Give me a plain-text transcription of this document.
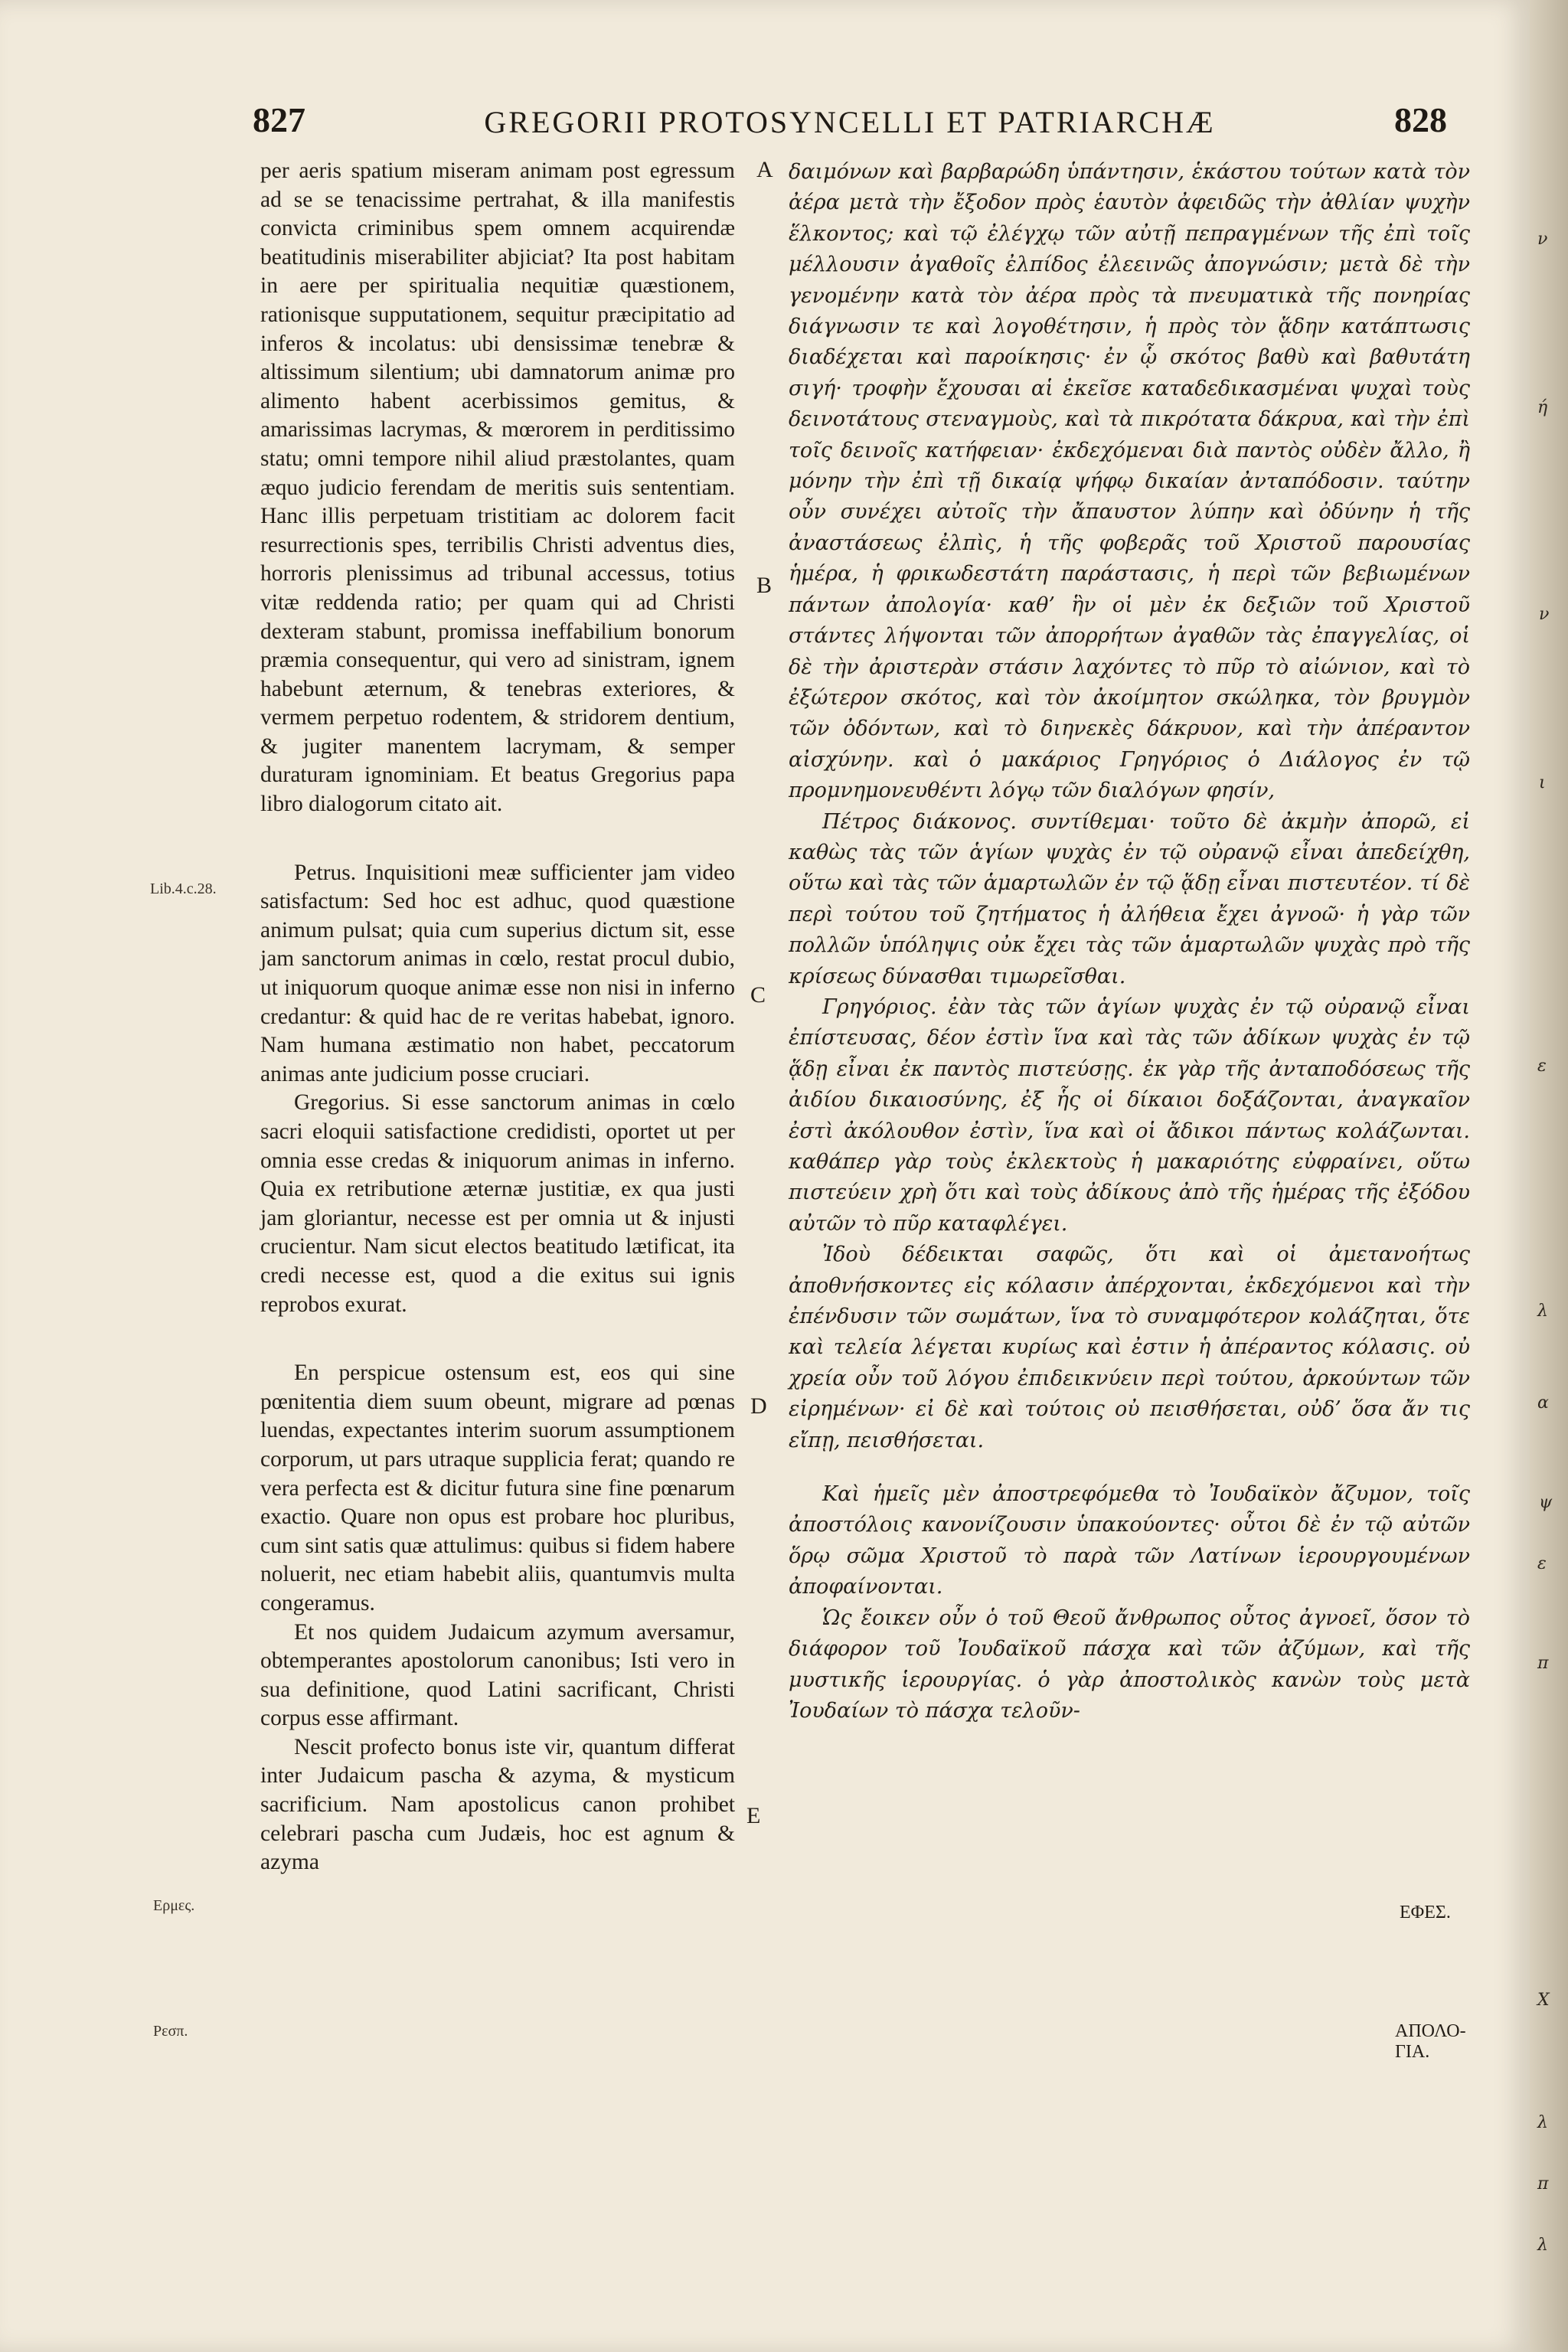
827	GREGORII PROTOSYNCELLI ET PATRIARCHÆ	828
A
B
C
D
E
Lib.4.c.28.
Ερμες.
Ρεσπ.
ΕΦΕΣ.
ΑΠΟΛΟ-ΓΙΑ.

per aeris spatium miseram animam post egressum ad se se tenacissime pertrahat, & illa manifestis convicta criminibus spem omnem acquirendæ beatitudinis miserabiliter abjiciat? Ita post habitam in aere per spiritualia nequitiæ quæstionem, rationisque supputationem, sequitur præcipitatio ad inferos & incolatus: ubi densissimæ tenebræ & altissimum silentium; ubi damnatorum animæ pro alimento habent acerbissimos gemitus, & amarissimas lacrymas, & mœrorem in perditissimo statu; omni tempore nihil aliud præstolantes, quam æquo judicio ferendam de meritis suis sententiam. Hanc illis perpetuam tristitiam ac dolorem facit resurrectionis spes, terribilis Christi adventus dies, horroris plenissimus ad tribunal accessus, totius vitæ reddenda ratio; per quam qui ad Christi dexteram stabunt, promissa ineffabilium bonorum præmia consequentur, qui vero ad sinistram, ignem habebunt æternum, & tenebras exteriores, & vermem perpetuo rodentem, & stridorem dentium, & jugiter manentem lacrymam, & semper duraturam ignominiam. Et beatus Gregorius papa libro dialogorum citato ait.

Petrus. Inquisitioni meæ sufficienter jam video satisfactum: Sed hoc est adhuc, quod quæstione animum pulsat; quia cum superius dictum sit, esse jam sanctorum animas in cœlo, restat procul dubio, ut iniquorum quoque animæ esse non nisi in inferno credantur: & quid hac de re veritas habebat, ignoro. Nam humana æstimatio non habet, peccatorum animas ante judicium posse cruciari.

Gregorius. Si esse sanctorum animas in cœlo sacri eloquii satisfactione credidisti, oportet ut per omnia esse credas & iniquorum animas in inferno. Quia ex retributione æternæ justitiæ, ex qua justi jam gloriantur, necesse est per omnia ut & injusti crucientur. Nam sicut electos beatitudo lætificat, ita credi necesse est, quod a die exitus sui ignis reprobos exurat.

En perspicue ostensum est, eos qui sine pœnitentia diem suum obeunt, migrare ad pœnas luendas, expectantes interim suorum assumptionem corporum, ut pars utraque supplicia ferat; quando re vera perfecta est & dicitur futura sine fine pœnarum exactio. Quare non opus est probare hoc pluribus, cum sint satis quæ attulimus: quibus si fidem habere noluerit, nec etiam habebit aliis, quantumvis multa congeramus.

Et nos quidem Judaicum azymum aversamur, obtemperantes apostolorum canonibus; Isti vero in sua definitione, quod Latini sacrificant, Christi corpus esse affirmant.

Nescit profecto bonus iste vir, quantum differat inter Judaicum pascha & azyma, & mysticum sacrificium. Nam apostolicus canon prohibet celebrari pascha cum Judæis, hoc est agnum & azyma

δαιμόνων καὶ βαρβαρώδη ὑπάντησιν, ἑκάστου τούτων κατὰ τὸν ἀέρα μετὰ τὴν ἔξοδον πρὸς ἑαυτὸν ἀφειδῶς τὴν ἀθλίαν ψυχὴν ἕλκοντος; καὶ τῷ ἐλέγχῳ τῶν αὐτῇ πεπραγμένων τῆς ἐπὶ τοῖς μέλλουσιν ἀγαθοῖς ἐλπίδος ἐλεεινῶς ἀπογνώσιν; μετὰ δὲ τὴν γενομένην κατὰ τὸν ἀέρα πρὸς τὰ πνευματικὰ τῆς πονηρίας διάγνωσιν τε καὶ λογοθέτησιν, ἡ πρὸς τὸν ᾅδην κατάπτωσις διαδέχεται καὶ παροίκησις· ἐν ᾧ σκότος βαθὺ καὶ βαθυτάτη σιγή· τροφὴν ἔχουσαι αἱ ἐκεῖσε καταδεδικασμέναι ψυχαὶ τοὺς δεινοτάτους στεναγμοὺς, καὶ τὰ πικρότατα δάκρυα, καὶ τὴν ἐπὶ τοῖς δεινοῖς κατήφειαν· ἐκδεχόμεναι διὰ παντὸς οὐδὲν ἄλλο, ἢ μόνην τὴν ἐπὶ τῇ δικαίᾳ ψήφῳ δικαίαν ἀνταπόδοσιν. ταύτην οὖν συνέχει αὐτοῖς τὴν ἄπαυστον λύπην καὶ ὀδύνην ἡ τῆς ἀναστάσεως ἐλπὶς, ἡ τῆς φοβερᾶς τοῦ Χριστοῦ παρουσίας ἡμέρα, ἡ φρικωδεστάτη παράστασις, ἡ περὶ τῶν βεβιωμένων πάντων ἀπολογία· καθ’ ἣν οἱ μὲν ἐκ δεξιῶν τοῦ Χριστοῦ στάντες λήψονται τῶν ἀπορρήτων ἀγαθῶν τὰς ἐπαγγελίας, οἱ δὲ τὴν ἀριστερὰν στάσιν λαχόντες τὸ πῦρ τὸ αἰώνιον, καὶ τὸ ἐξώτερον σκότος, καὶ τὸν ἀκοίμητον σκώληκα, τὸν βρυγμὸν τῶν ὀδόντων, καὶ τὸ διηνεκὲς δάκρυον, καὶ τὴν ἀπέραντον αἰσχύνην. καὶ ὁ μακάριος Γρηγόριος ὁ Διάλογος ἐν τῷ προμνημονευθέντι λόγῳ τῶν διαλόγων φησίν,

Πέτρος διάκονος. συντίθεμαι· τοῦτο δὲ ἀκμὴν ἀπορῶ, εἰ καθὼς τὰς τῶν ἁγίων ψυχὰς ἐν τῷ οὐρανῷ εἶναι ἀπεδείχθη, οὕτω καὶ τὰς τῶν ἁμαρτωλῶν ἐν τῷ ᾅδῃ εἶναι πιστευτέον. τί δὲ περὶ τούτου τοῦ ζητήματος ἡ ἀλήθεια ἔχει ἀγνοῶ· ἡ γὰρ τῶν πολλῶν ὑπόληψις οὐκ ἔχει τὰς τῶν ἁμαρτωλῶν ψυχὰς πρὸ τῆς κρίσεως δύνασθαι τιμωρεῖσθαι.

Γρηγόριος. ἐὰν τὰς τῶν ἁγίων ψυχὰς ἐν τῷ οὐρανῷ εἶναι ἐπίστευσας, δέον ἐστὶν ἵνα καὶ τὰς τῶν ἀδίκων ψυχὰς ἐν τῷ ᾅδῃ εἶναι ἐκ παντὸς πιστεύσῃς. ἐκ γὰρ τῆς ἀνταποδόσεως τῆς ἀιδίου δικαιοσύνης, ἐξ ἧς οἱ δίκαιοι δοξάζονται, ἀναγκαῖον ἐστὶ ἀκόλουθον ἐστὶν, ἵνα καὶ οἱ ἄδικοι πάντως κολάζωνται. καθάπερ γὰρ τοὺς ἐκλεκτοὺς ἡ μακαριότης εὐφραίνει, οὕτω πιστεύειν χρὴ ὅτι καὶ τοὺς ἀδίκους ἀπὸ τῆς ἡμέρας τῆς ἐξόδου αὐτῶν τὸ πῦρ καταφλέγει.

Ἰδοὺ δέδεικται σαφῶς, ὅτι καὶ οἱ ἀμετανοήτως ἀποθνήσκοντες εἰς κόλασιν ἀπέρχονται, ἐκδεχόμενοι καὶ τὴν ἐπένδυσιν τῶν σωμάτων, ἵνα τὸ συναμφότερον κολάζηται, ὅτε καὶ τελεία λέγεται κυρίως καὶ ἐστιν ἡ ἀπέραντος κόλασις. οὐ χρεία οὖν τοῦ λόγου ἐπιδεικνύειν περὶ τούτου, ἀρκούντων τῶν εἰρημένων· εἰ δὲ καὶ τούτοις οὐ πεισθήσεται, οὐδ’ ὅσα ἄν τις εἴπῃ, πεισθήσεται.

Καὶ ἡμεῖς μὲν ἀποστρεφόμεθα τὸ Ἰουδαϊκὸν ἄζυμον, τοῖς ἀποστόλοις κανονίζουσιν ὑπακούοντες· οὗτοι δὲ ἐν τῷ αὐτῶν ὅρῳ σῶμα Χριστοῦ τὸ παρὰ τῶν Λατίνων ἱερουργουμένων ἀποφαίνονται.

Ὡς ἔοικεν οὖν ὁ τοῦ Θεοῦ ἄνθρωπος οὗτος ἀγνοεῖ, ὅσον τὸ διάφορον τοῦ Ἰουδαϊκοῦ πάσχα καὶ τῶν ἀζύμων, καὶ τῆς μυστικῆς ἱερουργίας. ὁ γὰρ ἀποστολικὸς κανὼν τοὺς μετὰ Ἰουδαίων τὸ πάσχα τελοῦν-

ν
ή
ν
ι
ε
λ
α
ψ
ε
π
Χ
λ
π
λ
